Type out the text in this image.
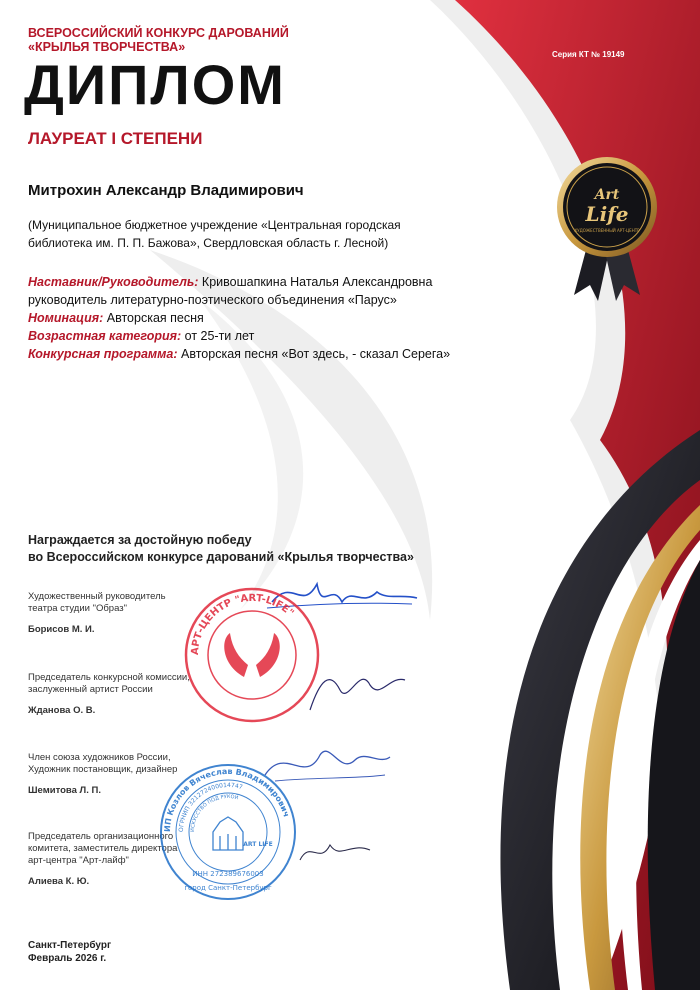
ВСЕРОССИЙСКИЙ КОНКУРС ДАРОВАНИЙ
«КРЫЛЬЯ ТВОРЧЕСТВА»
Серия КТ № 19149
ДИПЛОМ
ЛАУРЕАТ I СТЕПЕНИ
Митрохин Александр Владимирович
(Муниципальное бюджетное учреждение «Центральная городская библиотека им. П. П. Бажова», Свердловская область г. Лесной)
Наставник/Руководитель: Кривошапкина Наталья Александровна
руководитель литературно-поэтического объединения «Парус»
Номинация: Авторская песня
Возрастная категория: от 25-ти лет
Конкурсная программа: Авторская песня «Вот здесь, - сказал Серега»
Art
Life
ХУДОЖЕСТВЕННЫЙ АРТ-ЦЕНТР
Награждается за достойную победу
во Всероссийском конкурсе дарований «Крылья творчества»
Художественный руководитель
театра студии "Образ"
Борисов М. И.
Председатель конкурсной комиссии,
заслуженный артист России
Жданова О. В.
Член союза художников России,
Художник постановщик, дизайнер
Шемитова Л. П.
Председатель организационного
комитета, заместитель директора
арт-центра "Арт-лайф"
Алиева К. Ю.
АРТ-ЦЕНТР "ART-LIFE"
ИП Козлов Вячеслав Владимирович
ОГРНИП 321272400014747
ИСКУССТВО ПОД РУКОЙ
город Санкт-Петербург
ИНН 272389676003
ART LIFE
Санкт-Петербург
Февраль 2026 г.
